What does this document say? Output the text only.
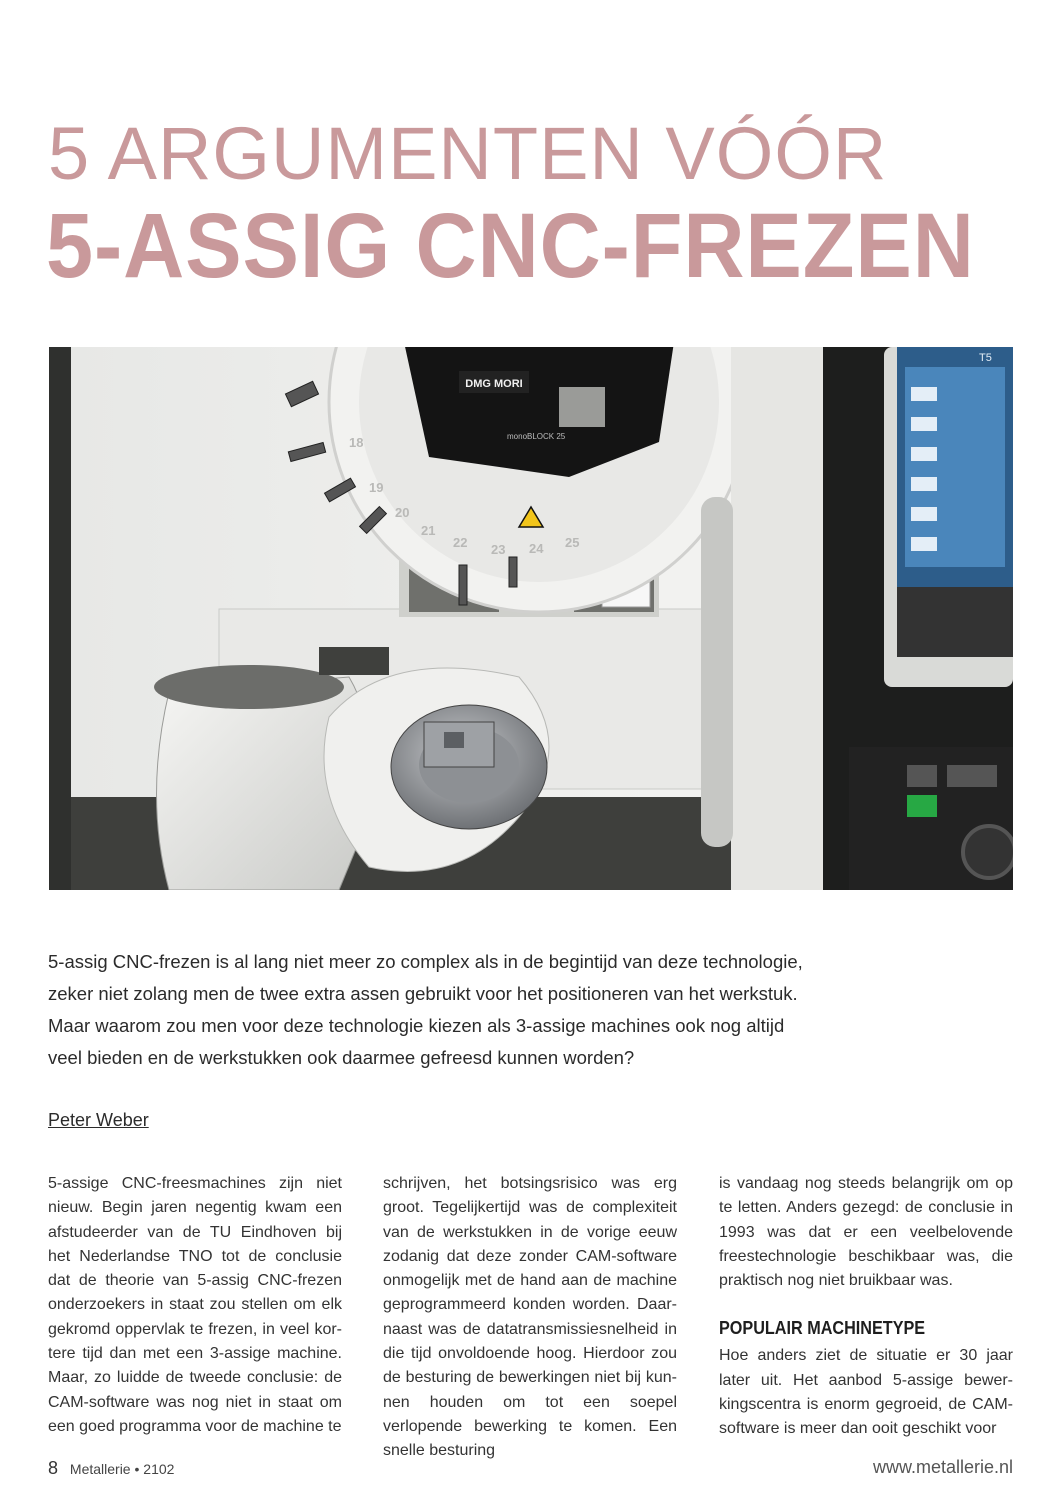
5 ARGUMENTEN VÓÓR
5-ASSIG CNC-FREZEN
DMG MORI
monoBLOCK 25
18
19
20
21
22 23 24 25
T5
5-assig CNC-frezen is al lang niet meer zo complex als in de begintijd van deze technologie, zeker niet zolang men de twee extra assen gebruikt voor het positioneren van het werkstuk. Maar waarom zou men voor deze technologie kiezen als 3-assige machines ook nog altijd veel bieden en de werkstukken ook daarmee gefreesd kunnen worden?
Peter Weber

5-assige CNC-freesmachines zijn niet nieuw. Begin jaren negentig kwam een afstudeerder van de TU Eindhoven bij het Nederlandse TNO tot de conclusie dat de theorie van 5-assig CNC-frezen onderzoekers in staat zou stellen om elk gekromd oppervlak te frezen, in veel kortere tijd dan met een 3-assige machine. Maar, zo luidde de tweede conclusie: de CAM-software was nog niet in staat om een goed programma voor de machine te

schrijven, het botsingsrisico was erg groot. Tegelijkertijd was de complexiteit van de werkstukken in de vorige eeuw zodanig dat deze zonder CAM-software onmogelijk met de hand aan de machine geprogrammeerd konden worden. Daarnaast was de datatransmissiesnelheid in die tijd onvoldoende hoog. Hierdoor zou de besturing de bewerkingen niet bij kunnen houden om tot een soepel verlopende bewerking te komen. Een snelle besturing

is vandaag nog steeds belangrijk om op te letten. Anders gezegd: de conclusie in 1993 was dat er een veelbelovende freestechnologie beschikbaar was, die praktisch nog niet bruikbaar was.

POPULAIR MACHINETYPE

Hoe anders ziet de situatie er 30 jaar later uit. Het aanbod 5-assige bewerkingscentra is enorm gegroeid, de CAM-software is meer dan ooit geschikt voor

8 Metallerie • 2102	www.metallerie.nl
